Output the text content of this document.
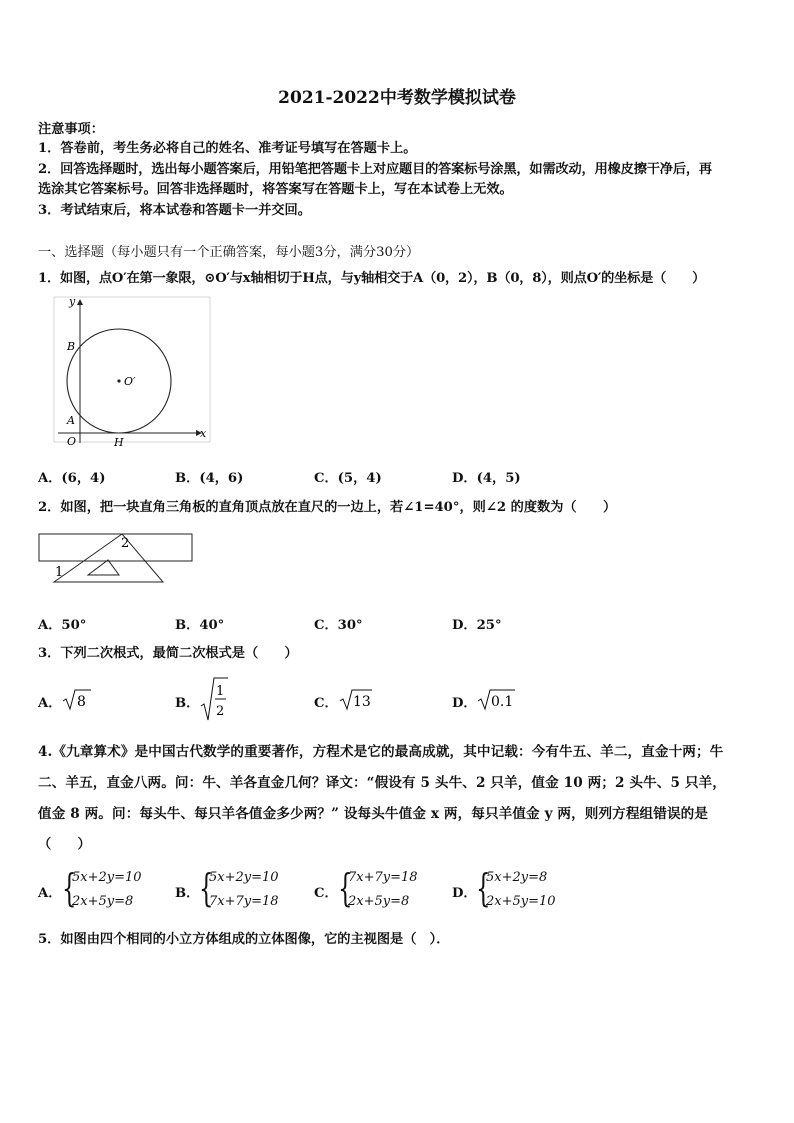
2021-2022中考数学模拟试卷
注意事项：
1．答卷前，考生务必将自己的姓名、准考证号填写在答题卡上。
2．回答选择题时，选出每小题答案后，用铅笔把答题卡上对应题目的答案标号涂黑，如需改动，用橡皮擦干净后，再
选涂其它答案标号。回答非选择题时，将答案写在答题卡上，写在本试卷上无效。
3．考试结束后，将本试卷和答题卡一并交回。
一、选择题（每小题只有一个正确答案，每小题3分，满分30分）
1．如图，点O′在第一象限，⊙O′与x轴相切于H点，与y轴相交于A（0，2），B（0，8），则点O′的坐标是（　　）
y
x
B
A
O	H
O′
A．(6，4)	B．(4，6)	C．(5，4)	D．(4，5)
2．如图，把一块直角三角板的直角顶点放在直尺的一边上，若∠1=40°，则∠2 的度数为（　　）
2
1
A．50°	B．40°	C．30°	D．25°
3．下列二次根式，最简二次根式是（　　）
A． 8	B．
1
2
C． 13	D． 0.1
4.《九章算术》是中国古代数学的重要著作，方程术是它的最高成就，其中记载：今有牛五、羊二，直金十两；牛
二、羊五，直金八两。问：牛、羊各直金几何？译文：“假设有 5 头牛、2 只羊，值金 10 两；2 头牛、5 只羊，
值金 8 两。问：每头牛、每只羊各值金多少两？” 设每头牛值金 x 两，每只羊值金 y 两，则列方程组错误的是
（　　）
A． {
5x+2y=10
2x+5y=8
B． {
5x+2y=10
7x+7y=18
C． {
7x+7y=18
2x+5y=8
D． {
5x+2y=8
2x+5y=10
5．如图由四个相同的小立方体组成的立体图像，它的主视图是（　）．
